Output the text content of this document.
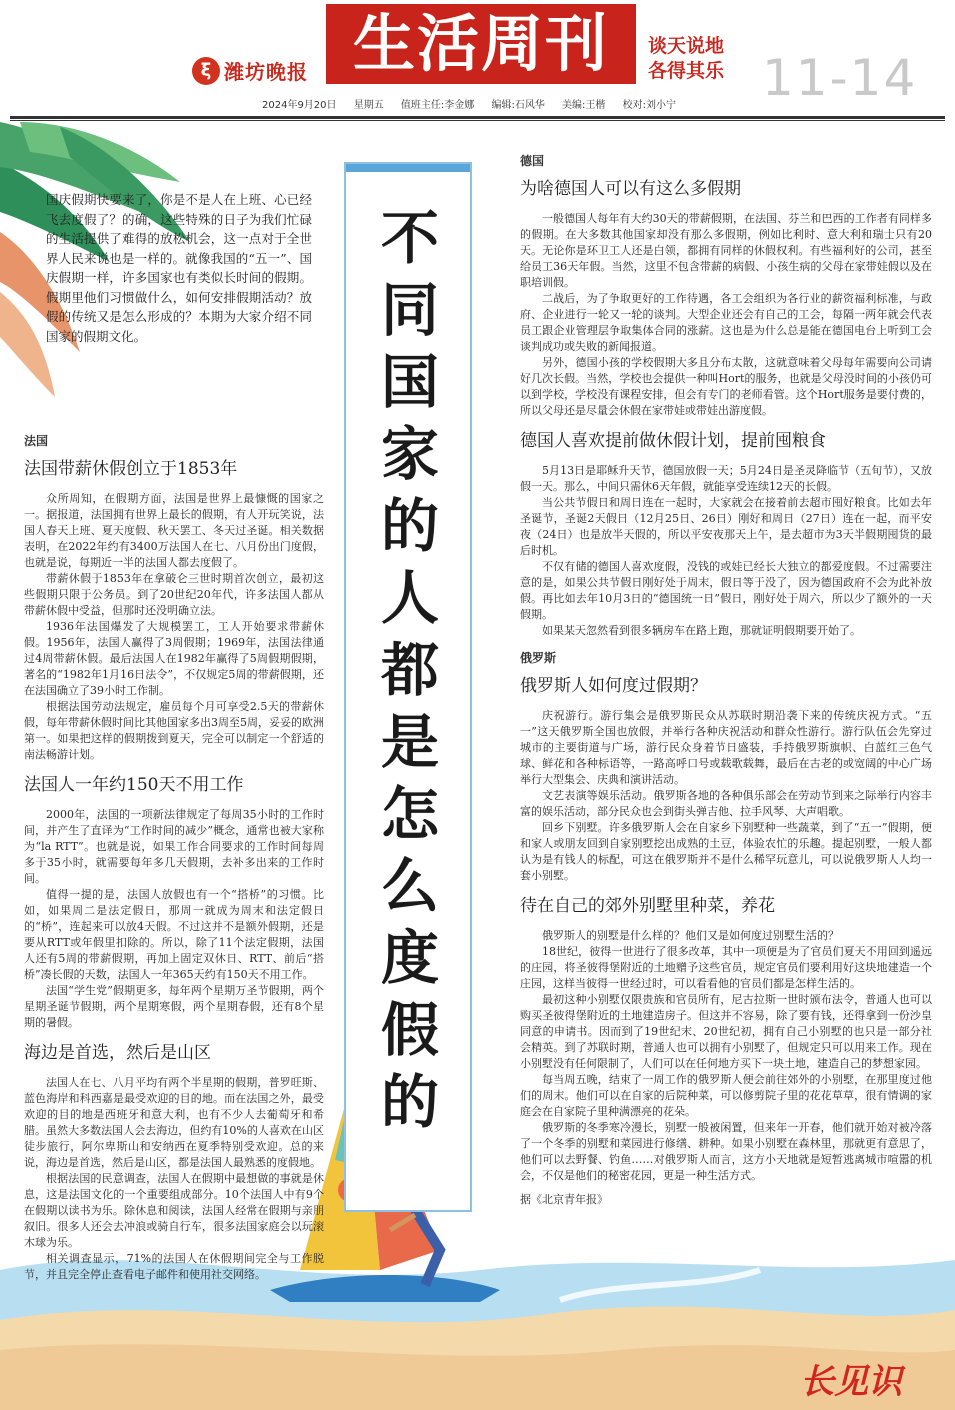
ξ 潍坊晚报 生活周刊 谈天说地
各得其乐 11-14
2024年9月20日 星期五 值班主任:李金娜 编辑:石风华 美编:王楷 校对:刘小宁
长见识
不同国家的人都是怎么度假的

国庆假期快要来了，你是不是人在上班、心已经飞去度假了？的确，这些特殊的日子为我们忙碌的生活提供了难得的放松机会，这一点对于全世界人民来说也是一样的。就像我国的“五一”、国庆假期一样，许多国家也有类似长时间的假期。假期里他们习惯做什么，如何安排假期活动？放假的传统又是怎么形成的？本期为大家介绍不同国家的假期文化。

法国
法国带薪休假创立于1853年

众所周知，在假期方面，法国是世界上最慷慨的国家之一。据报道，法国拥有世界上最长的假期，有人开玩笑说，法国人春天上班、夏天度假、秋天罢工、冬天过圣诞。相关数据表明，在2022年约有3400万法国人在七、八月份出门度假，也就是说，每期近一半的法国人都去度假了。

带薪休假于1853年在拿破仑三世时期首次创立，最初这些假期只限于公务员。到了20世纪20年代，许多法国人都从带薪休假中受益，但那时还没明确立法。

1936年法国爆发了大规模罢工，工人开始要求带薪休假。1956年，法国人赢得了3周假期；1969年，法国法律通过4周带薪休假。最后法国人在1982年赢得了5周假期假期，著名的“1982年1月16日法令”，不仅规定5周的带薪假期，还在法国确立了39小时工作制。

根据法国劳动法规定，雇员每个月可享受2.5天的带薪休假，每年带薪休假时间比其他国家多出3周至5周，妥妥的欧洲第一。如果把这样的假期拨到夏天，完全可以制定一个舒适的南法畅游计划。

法国人一年约150天不用工作

2000年，法国的一项新法律规定了每周35小时的工作时间，并产生了直译为“工作时间的减少”概念，通常也被大家称为“la RTT”。也就是说，如果工作合同要求的工作时间每周多于35小时，就需要每年多几天假期，去补多出来的工作时间。

值得一提的是，法国人放假也有一个“搭桥”的习惯。比如，如果周二是法定假日，那周一就成为周末和法定假日的“桥”，连起来可以放4天假。不过这并不是额外假期，还是要从RTT或年假里扣除的。所以，除了11个法定假期，法国人还有5周的带薪假期，再加上固定双休日、RTT、前后“搭桥”凑长假的天数，法国人一年365天约有150天不用工作。

法国“学生党”假期更多，每年两个星期万圣节假期，两个星期圣诞节假期，两个星期寒假，两个星期春假，还有8个星期的暑假。

海边是首选，然后是山区

法国人在七、八月平均有两个半星期的假期，普罗旺斯、蓝色海岸和科西嘉是最受欢迎的目的地。而在法国之外，最受欢迎的目的地是西班牙和意大利，也有不少人去葡萄牙和希腊。虽然大多数法国人会去海边，但约有10%的人喜欢在山区徒步旅行，阿尔卑斯山和安纳西在夏季特别受欢迎。总的来说，海边是首选，然后是山区，都是法国人最熟悉的度假地。

根据法国的民意调查，法国人在假期中最想做的事就是休息，这是法国文化的一个重要组成部分。10个法国人中有9个在假期以读书为乐。除休息和阅读，法国人经常在假期与亲朋叙旧。很多人还会去冲浪或骑自行车，很多法国家庭会以玩滚木球为乐。

相关调查显示，71%的法国人在休假期间完全与工作脱节，并且完全停止查看电子邮件和使用社交网络。

德国
为啥德国人可以有这么多假期

一般德国人每年有大约30天的带薪假期，在法国、芬兰和巴西的工作者有同样多的假期。在大多数其他国家却没有那么多假期，例如比利时、意大利和瑞士只有20天。无论你是环卫工人还是白领，都拥有同样的休假权利。有些福利好的公司，甚至给员工36天年假。当然，这里不包含带薪的病假、小孩生病的父母在家带娃假以及在职培训假。

二战后，为了争取更好的工作待遇，各工会组织为各行业的薪资福利标准，与政府、企业进行一轮又一轮的谈判。大型企业还会有自己的工会，每隔一两年就会代表员工跟企业管理层争取集体合同的涨薪。这也是为什么总是能在德国电台上听到工会谈判成功或失败的新闻报道。

另外，德国小孩的学校假期大多且分布太散，这就意味着父母每年需要向公司请好几次长假。当然，学校也会提供一种叫Hort的服务，也就是父母没时间的小孩仍可以到学校，学校没有课程安排，但会有专门的老师看管。这个Hort服务是要付费的，所以父母还是尽量会休假在家带娃或带娃出游度假。

德国人喜欢提前做休假计划，提前囤粮食

5月13日是耶稣升天节，德国放假一天；5月24日是圣灵降临节（五旬节），又放假一天。那么，中间只需休6天年假，就能享受连续12天的长假。

当公共节假日和周日连在一起时，大家就会在接着前去超市囤好粮食。比如去年圣诞节，圣诞2天假日（12月25日、26日）刚好和周日（27日）连在一起，而平安夜（24日）也是放半天假的，所以平安夜那天上午，是去超市为3天半假期囤货的最后时机。

不仅有储的德国人喜欢度假，没钱的或娃已经长大独立的都爱度假。不过需要注意的是，如果公共节假日刚好处于周末，假日等于没了，因为德国政府不会为此补放假。再比如去年10月3日的“德国统一日”假日，刚好处于周六，所以少了额外的一天假期。

如果某天忽然看到很多辆房车在路上跑，那就证明假期要开始了。

俄罗斯
俄罗斯人如何度过假期？

庆祝游行。游行集会是俄罗斯民众从苏联时期沿袭下来的传统庆祝方式。“五一”这天俄罗斯全国也放假，并举行各种庆祝活动和群众性游行。游行队伍会先穿过城市的主要街道与广场，游行民众身着节日盛装，手持俄罗斯旗帜、白蓝红三色气球、鲜花和各种标语等，一路高呼口号或载歌载舞，最后在古老的或宽阔的中心广场举行大型集会、庆典和演讲活动。

文艺表演等娱乐活动。俄罗斯各地的各种俱乐部会在劳动节到来之际举行内容丰富的娱乐活动，部分民众也会到街头弹吉他、拉手风琴、大声唱歌。

回乡下别墅。许多俄罗斯人会在自家乡下别墅种一些蔬菜，到了“五一”假期，便和家人或朋友回到自家别墅挖出成熟的土豆，体验农忙的乐趣。提起别墅，一般人都认为是有钱人的标配，可这在俄罗斯并不是什么稀罕玩意儿，可以说俄罗斯人人均一套小别墅。

待在自己的郊外别墅里种菜，养花

俄罗斯人的别墅是什么样的？他们又是如何度过别墅生活的？

18世纪，彼得一世进行了很多改革，其中一项便是为了官员们夏天不用回到遥远的庄园，将圣彼得堡附近的土地赠予这些官员，规定官员们要利用好这块地建造一个庄园，这样当彼得一世经过时，可以看看他的官员们都是怎样生活的。

最初这种小别墅仅限贵族和官员所有，尼古拉斯一世时颁布法令，普通人也可以购买圣彼得堡附近的土地建造房子。但这并不容易，除了要有钱，还得拿到一份沙皇同意的申请书。因而到了19世纪末、20世纪初，拥有自己小别墅的也只是一部分社会精英。到了苏联时期，普通人也可以拥有小别墅了，但规定只可以用来工作。现在小别墅没有任何限制了，人们可以在任何地方买下一块土地，建造自己的梦想家园。

每当周五晚，结束了一周工作的俄罗斯人便会前往郊外的小别墅，在那里度过他们的周末。他们可以在自家的后院种菜，可以修剪院子里的花花草草，很有情调的家庭会在自家院子里种满漂亮的花朵。

俄罗斯的冬季寒冷漫长，别墅一般被闲置，但来年一开春，他们就开始对被冷落了一个冬季的别墅和菜园进行修缮、耕种。如果小别墅在森林里，那就更有意思了，他们可以去野餐、钓鱼……对俄罗斯人而言，这方小天地就是短暂逃离城市喧嚣的机会，不仅是他们的秘密花园，更是一种生活方式。

据《北京青年报》
